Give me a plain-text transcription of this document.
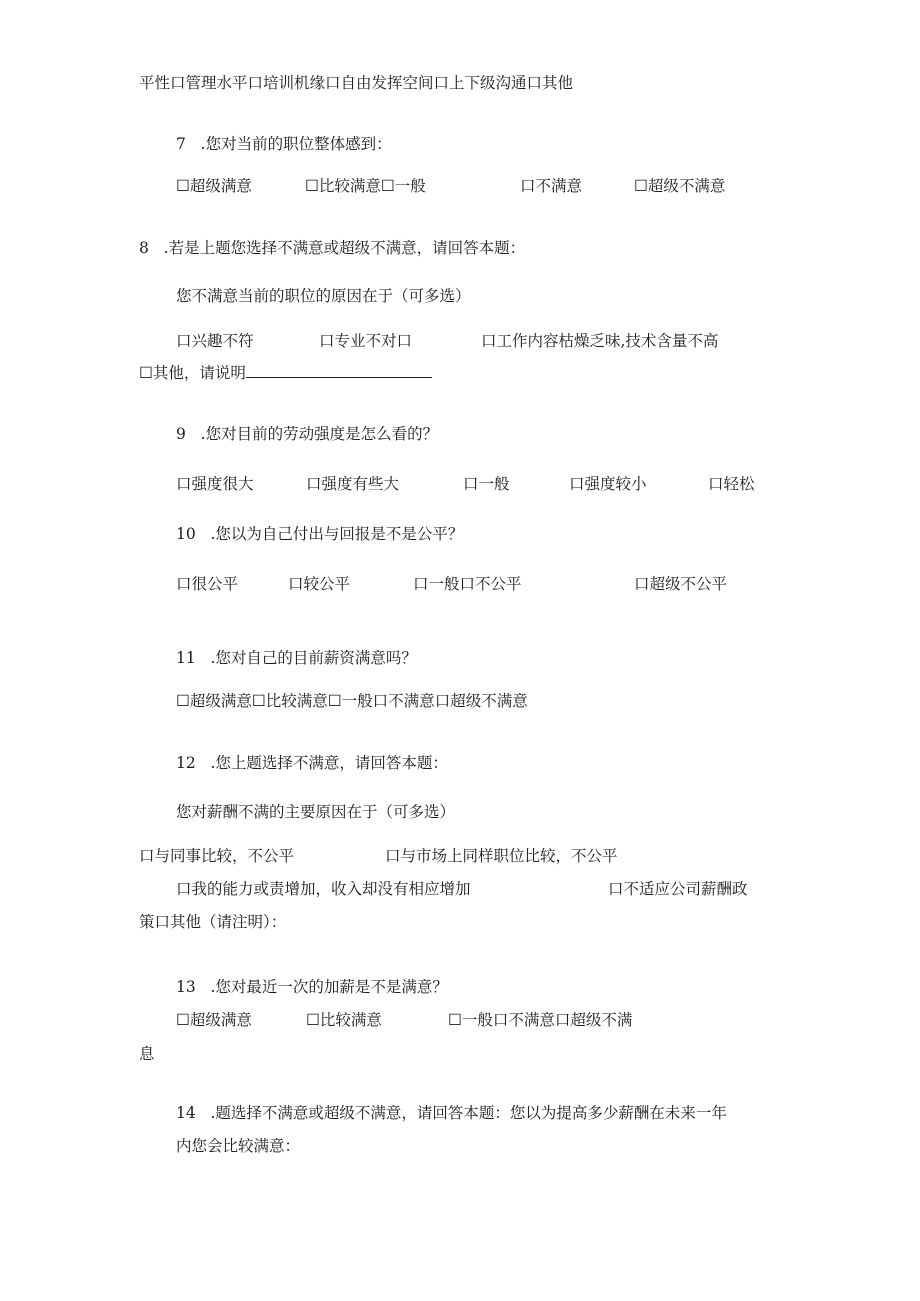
平性口管理水平口培训机缘口自由发挥空间口上下级沟通口其他
7   .您对当前的职位整体感到：
☐超级满意	☐比较满意☐一般	口不满意	☐超级不满意
8   .若是上题您选择不满意或超级不满意，请回答本题：
您不满意当前的职位的原因在于（可多选）
口兴趣不符	口专业不对口	口工作内容枯燥乏味,技术含量不高
☐其他，请说明
9   .您对目前的劳动强度是怎么看的？
口强度很大	口强度有些大	口一般	口强度较小	口轻松
10   .您以为自己付出与回报是不是公平？
口很公平	口较公平	口一般口不公平	口超级不公平
11   .您对自己的目前薪资满意吗？
☐超级满意☐比较满意☐一般口不满意口超级不满意
12   .您上题选择不满意，请回答本题：
您对薪酬不满的主要原因在于（可多选）
口与同事比较，不公平	口与市场上同样职位比较，不公平
口我的能力或责增加，收入却没有相应增加	口不适应公司薪酬政
策口其他（请注明）：
13   .您对最近一次的加薪是不是满意？
☐超级满意	☐比较满意	☐一般口不满意口超级不满
息
14   .题选择不满意或超级不满意，请回答本题：您以为提高多少薪酬在未来一年
内您会比较满意：
